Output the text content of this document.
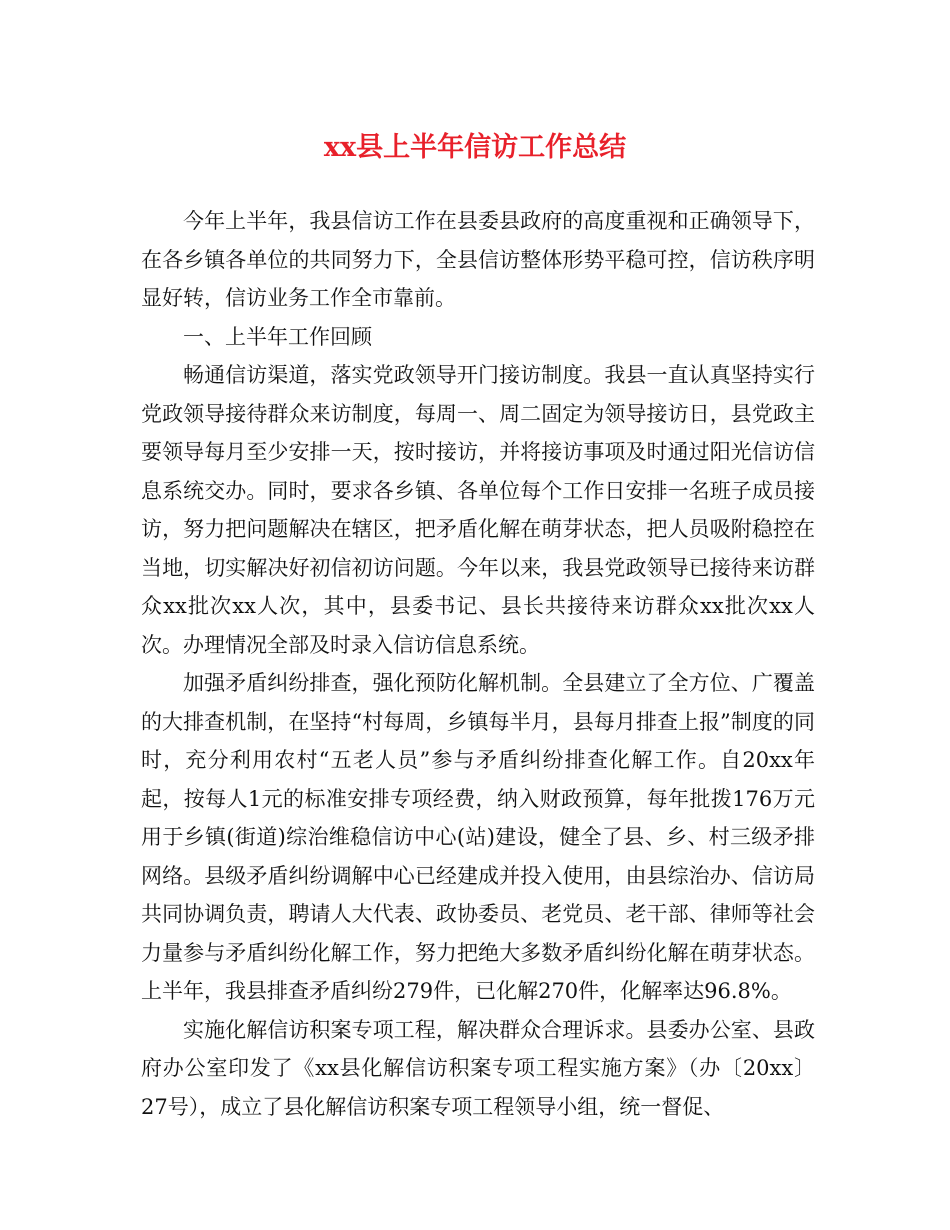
xx县上半年信访工作总结

今年上半年，我县信访工作在县委县政府的高度重视和正确领导下，在各乡镇各单位的共同努力下，全县信访整体形势平稳可控，信访秩序明显好转，信访业务工作全市靠前。

一、上半年工作回顾

畅通信访渠道，落实党政领导开门接访制度。我县一直认真坚持实行党政领导接待群众来访制度，每周一、周二固定为领导接访日，县党政主要领导每月至少安排一天，按时接访，并将接访事项及时通过阳光信访信息系统交办。同时，要求各乡镇、各单位每个工作日安排一名班子成员接访，努力把问题解决在辖区，把矛盾化解在萌芽状态，把人员吸附稳控在当地，切实解决好初信初访问题。今年以来，我县党政领导已接待来访群众xx批次xx人次，其中，县委书记、县长共接待来访群众xx批次xx人次。办理情况全部及时录入信访信息系统。

加强矛盾纠纷排查，强化预防化解机制。全县建立了全方位、广覆盖的大排查机制，在坚持“村每周，乡镇每半月，县每月排查上报”制度的同时，充分利用农村“五老人员”参与矛盾纠纷排查化解工作。自20xx年起，按每人1元的标准安排专项经费，纳入财政预算，每年批拨176万元用于乡镇(街道)综治维稳信访中心(站)建设，健全了县、乡、村三级矛排网络。县级矛盾纠纷调解中心已经建成并投入使用，由县综治办、信访局共同协调负责，聘请人大代表、政协委员、老党员、老干部、律师等社会力量参与矛盾纠纷化解工作，努力把绝大多数矛盾纠纷化解在萌芽状态。上半年，我县排查矛盾纠纷279件，已化解270件，化解率达96.8%。

实施化解信访积案专项工程，解决群众合理诉求。县委办公室、县政府办公室印发了《xx县化解信访积案专项工程实施方案》（办〔20xx〕27号），成立了县化解信访积案专项工程领导小组，统一督促、
